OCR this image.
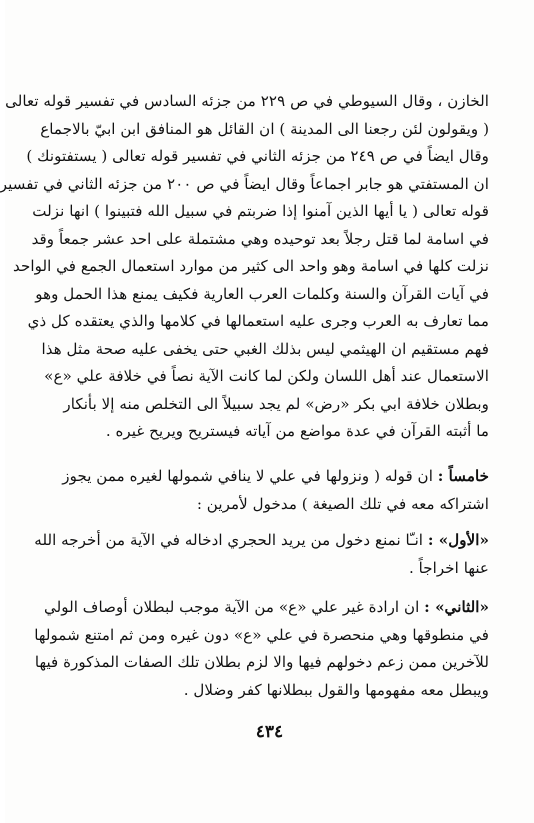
الخازن ، وقال السيوطي في ص ٢٢٩ من جزئه السادس في تفسير قوله تعالى
( ويقولون لئن رجعنا الى المدينة ) ان القائل هو المنافق ابن ابيّ بالاجماع
وقال ايضاً في ص ٢٤٩ من جزئه الثاني في تفسير قوله تعالى ( يستفتونك )
ان المستفتي هو جابر اجماعاً وقال ايضاً في ص ٢٠٠ من جزئه الثاني في تفسير
قوله تعالى ( يا أيها الذين آمنوا إذا ضربتم في سبيل الله فتبينوا ) انها نزلت
في اسامة لما قتل رجلاً بعد توحيده وهي مشتملة على احد عشر جمعاً وقد
نزلت كلها في اسامة وهو واحد الى كثير من موارد استعمال الجمع في الواحد
في آيات القرآن والسنة وكلمات العرب العارية فكيف يمنع هذا الحمل وهو
مما تعارف به العرب وجرى عليه استعمالها في كلامها والذي يعتقده كل ذي
فهم مستقيم ان الهيثمي ليس بذلك الغبي حتى يخفى عليه صحة مثل هذا
الاستعمال عند أهل اللسان ولكن لما كانت الآية نصاً في خلافة علي «ع»
وبطلان خلافة ابي بكر «رض» لم يجد سبيلاً الى التخلص منه إلا بأنكار
ما أثبته القرآن في عدة مواضع من آياته فيستريح ويريح غيره .
خامساً : ان قوله ( ونزولها في علي لا ينافي شمولها لغيره ممن يجوز
اشتراكه معه في تلك الصيغة ) مدخول لأمرين :
«الأول» : انـّا نمنع دخول من يريد الحجري ادخاله في الآية من أخرجه الله
عنها اخراجاً .
«الثاني» : ان ارادة غير علي «ع» من الآية موجب لبطلان أوصاف الولي
في منطوقها وهي منحصرة في علي «ع» دون غيره ومن ثم امتنع شمولها
للآخرين ممن زعم دخولهم فيها والا لزم بطلان تلك الصفات المذكورة فيها
ويبطل معه مفهومها والقول ببطلانها كفر وضلال .
٤٣٤
